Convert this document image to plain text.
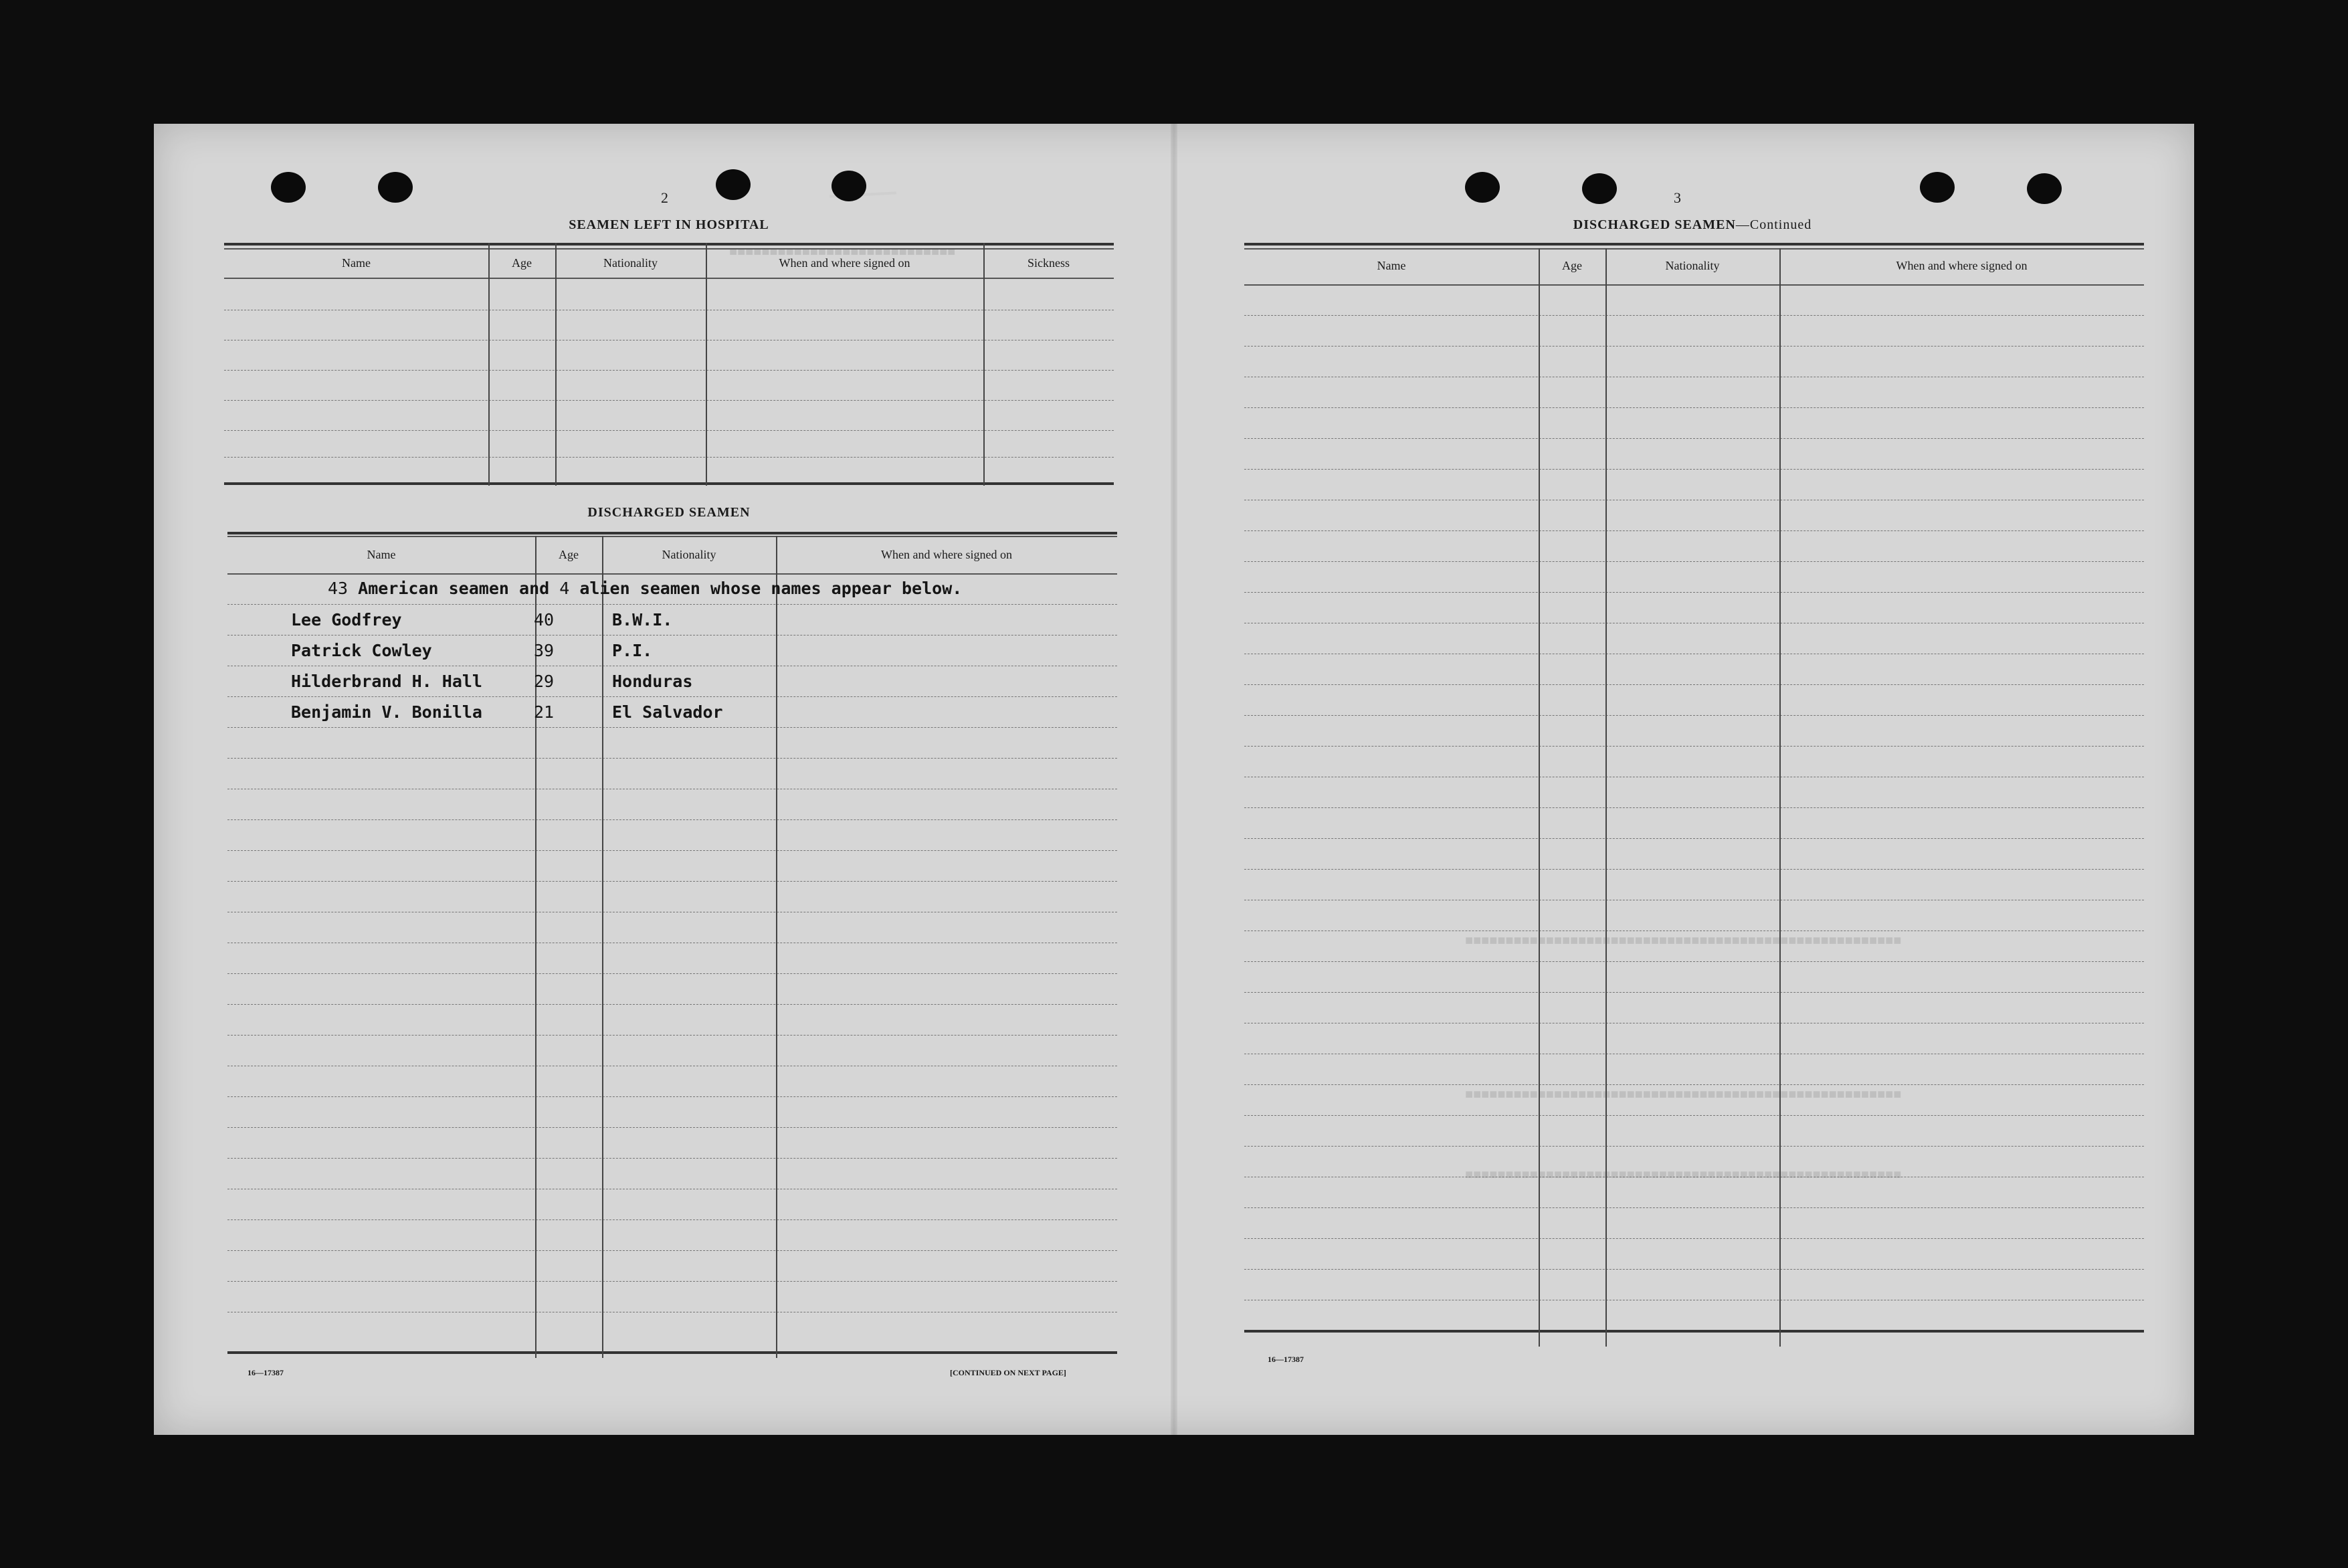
■■■■■■■■■■■■■■■■■■■■■■■■■■■■
■■■■■■■■■■■■■■■■■■■■■■■■■■■■■■■■■■■■■■■■■■■■■■■■■■■■■■
■■■■■■■■■■■■■■■■■■■■■■■■■■■■■■■■■■■■■■■■■■■■■■■■■■■■■■
■■■■■■■■■■■■■■■■■■■■■■■■■■■■■■■■■■■■■■■■■■■■■■■■■■■■■■
2
SEAMEN LEFT IN HOSPITAL
Name	Age	Nationality	When and where signed on	Sickness
DISCHARGED SEAMEN
Name	Age	Nationality	When and where signed on
43 American seamen and 4 alien seamen whose names appear below.
Lee Godfrey	40	B.W.I.
Patrick Cowley	39	P.I.
Hilderbrand H. Hall	29	Honduras
Benjamin V. Bonilla	21	El Salvador
16—17387	[CONTINUED ON NEXT PAGE]
3
DISCHARGED SEAMEN—Continued
Name	Age	Nationality	When and where signed on
16—17387
